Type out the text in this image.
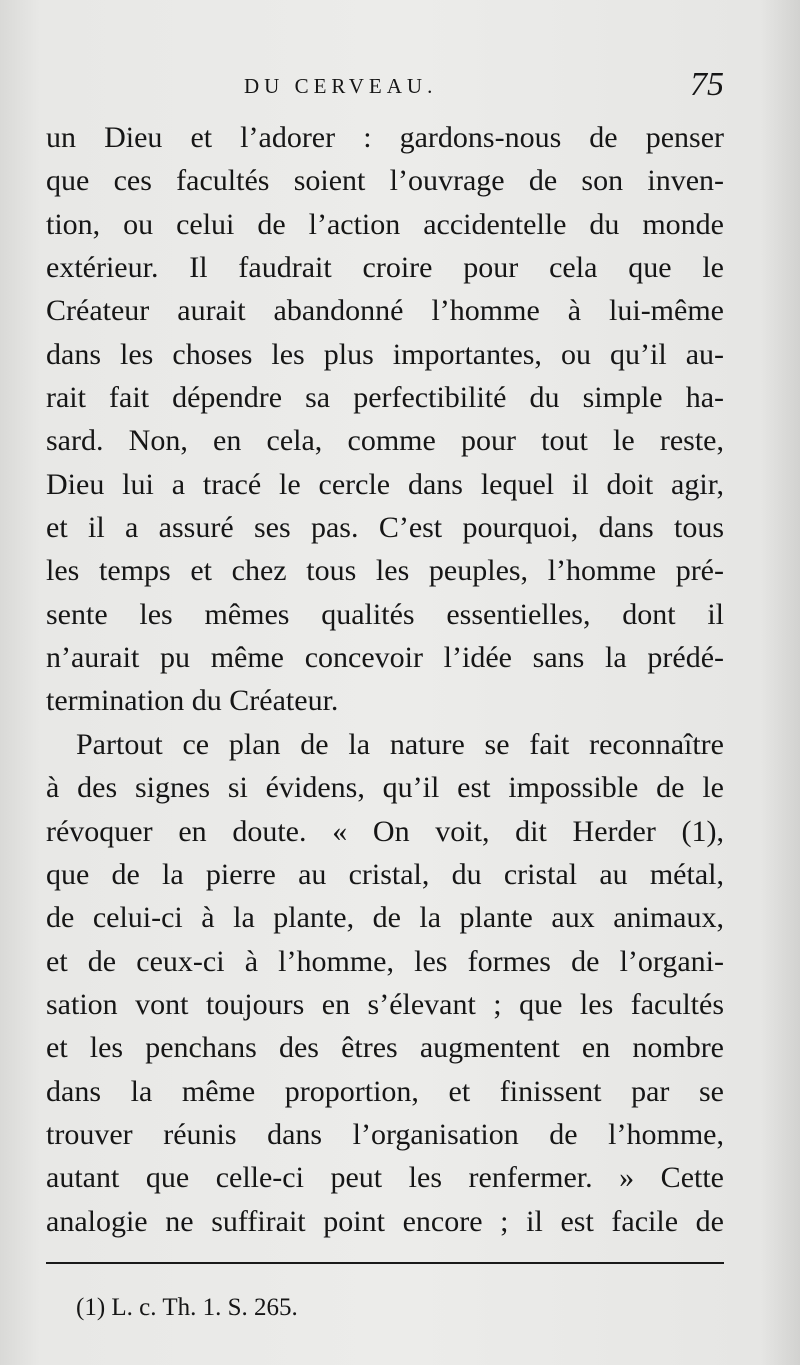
DU CERVEAU.	75
un Dieu et l’adorer : gardons-nous de penser
que ces facultés soient l’ouvrage de son inven-
tion, ou celui de l’action accidentelle du monde
extérieur. Il faudrait croire pour cela que le
Créateur aurait abandonné l’homme à lui-même
dans les choses les plus importantes, ou qu’il au-
rait fait dépendre sa perfectibilité du simple ha-
sard. Non, en cela, comme pour tout le reste,
Dieu lui a tracé le cercle dans lequel il doit agir,
et il a assuré ses pas. C’est pourquoi, dans tous
les temps et chez tous les peuples, l’homme pré-
sente les mêmes qualités essentielles, dont il
n’aurait pu même concevoir l’idée sans la prédé-
termination du Créateur.
Partout ce plan de la nature se fait reconnaître
à des signes si évidens, qu’il est impossible de le
révoquer en doute. « On voit, dit Herder (1),
que de la pierre au cristal, du cristal au métal,
de celui-ci à la plante, de la plante aux animaux,
et de ceux-ci à l’homme, les formes de l’organi-
sation vont toujours en s’élevant ; que les facultés
et les penchans des êtres augmentent en nombre
dans la même proportion, et finissent par se
trouver réunis dans l’organisation de l’homme,
autant que celle-ci peut les renfermer. » Cette
analogie ne suffirait point encore ; il est facile de
(1) L. c. Th. 1. S. 265.
